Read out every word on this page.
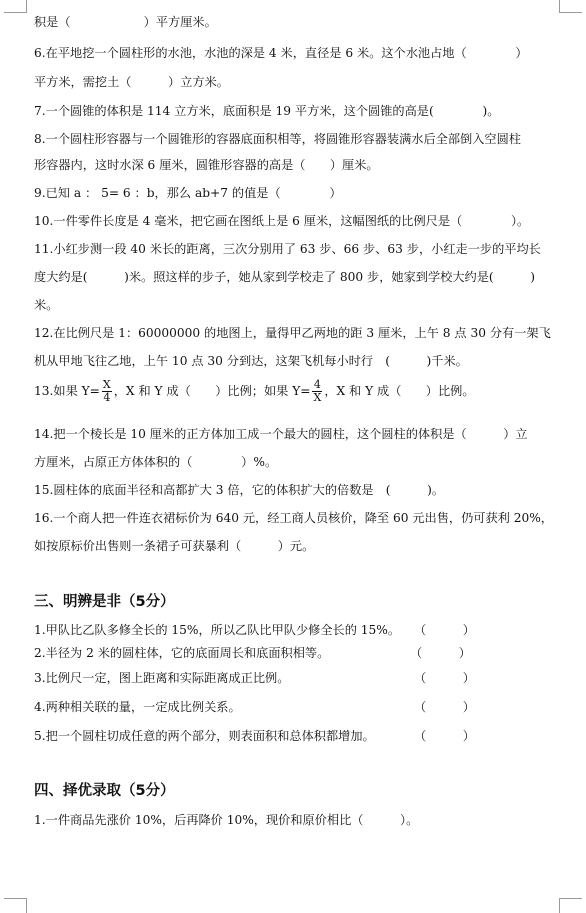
积是（　　　　　　）平方厘米。

6.在平地挖一个圆柱形的水池，水池的深是 4 米，直径是 6 米。这个水池占地（　　　　）

平方米，需挖土（　　　）立方米。

7.一个圆锥的体积是 114 立方米，底面积是 19 平方米，这个圆锥的高是(　　　　)。

8.一个圆柱形容器与一个圆锥形的容器底面积相等，将圆锥形容器装满水后全部倒入空圆柱

形容器内，这时水深 6 厘米，圆锥形容器的高是（　　）厘米。

9.已知 a ： 5= 6 ：b，那么 ab+7 的值是（　　　　）

10.一件零件长度是 4 毫米，把它画在图纸上是 6 厘米，这幅图纸的比例尺是（　　　　）。

11.小红步测一段 40 米长的距离，三次分别用了 63 步、66 步、63 步，小红走一步的平均长

度大约是(　　　)米。照这样的步子，她从家到学校走了 800 步，她家到学校大约是(　　　)

米。

12.在比例尺是 1：60000000 的地图上，量得甲乙两地的距 3 厘米，上午 8 点 30 分有一架飞

机从甲地飞往乙地，上午 10 点 30 分到达，这架飞机每小时行　(　　　)千米。

13.如果 $Y= \frac{X}{4}$ ，X 和 Y 成（　　）比例；如果 $Y= \frac{4}{X}$ ，X 和 Y 成（　　）比例。

14.把一个棱长是 10 厘米的正方体加工成一个最大的圆柱，这个圆柱的体积是（　　　）立

方厘米，占原正方体体积的（　　　　）%。

15.圆柱体的底面半径和高都扩大 3 倍，它的体积扩大的倍数是　(　　　)。

16.一个商人把一件连衣裙标价为 640 元，经工商人员核价，降至 60 元出售，仍可获利 20%，

如按原标价出售则一条裙子可获暴利（　　　）元。

三、明辨是非（5分）

1.甲队比乙队多修全长的 15%，所以乙队比甲队少修全长的 15%。 （　　　）

2.半径为 2 米的圆柱体，它的底面周长和底面积相等。	（　　　）

3.比例尺一定，图上距离和实际距离成正比例。	（　　　）

4.两种相关联的量，一定成比例关系。	（　　　）

5.把一个圆柱切成任意的两个部分，则表面积和总体积都增加。	（　　　）

四、择优录取（5分）

1.一件商品先涨价 10%，后再降价 10%，现价和原价相比（　　　）。
